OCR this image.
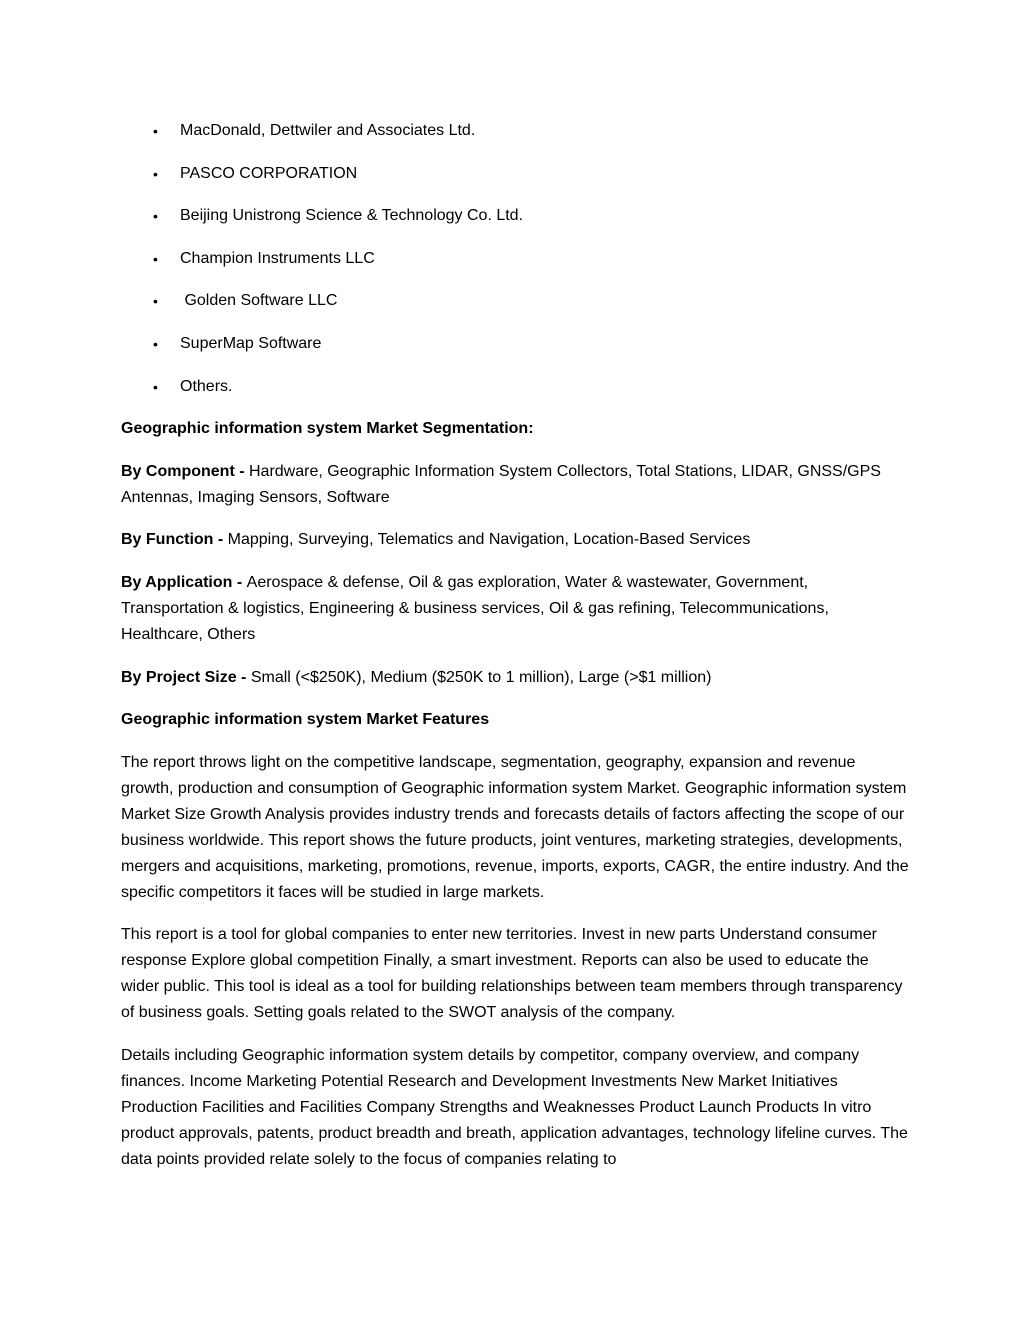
• MacDonald, Dettwiler and Associates Ltd.
• PASCO CORPORATION
• Beijing Unistrong Science & Technology Co. Ltd.
• Champion Instruments LLC
• Golden Software LLC
• SuperMap Software
• Others.

Geographic information system Market Segmentation:

By Component - Hardware, Geographic Information System Collectors, Total Stations, LIDAR, GNSS/GPS Antennas, Imaging Sensors, Software

By Function - Mapping, Surveying, Telematics and Navigation, Location-Based Services

By Application - Aerospace & defense, Oil & gas exploration, Water & wastewater, Government, Transportation & logistics, Engineering & business services, Oil & gas refining, Telecommunications, Healthcare, Others

By Project Size - Small (<$250K), Medium ($250K to 1 million), Large (>$1 million)

Geographic information system Market Features

The report throws light on the competitive landscape, segmentation, geography, expansion and revenue growth, production and consumption of Geographic information system Market. Geographic information system Market Size Growth Analysis provides industry trends and forecasts details of factors affecting the scope of our business worldwide. This report shows the future products, joint ventures, marketing strategies, developments, mergers and acquisitions, marketing, promotions, revenue, imports, exports, CAGR, the entire industry. And the specific competitors it faces will be studied in large markets.

This report is a tool for global companies to enter new territories. Invest in new parts Understand consumer response Explore global competition Finally, a smart investment. Reports can also be used to educate the wider public. This tool is ideal as a tool for building relationships between team members through transparency of business goals. Setting goals related to the SWOT analysis of the company.

Details including Geographic information system details by competitor, company overview, and company finances. Income Marketing Potential Research and Development Investments New Market Initiatives Production Facilities and Facilities Company Strengths and Weaknesses Product Launch Products In vitro product approvals, patents, product breadth and breath, application advantages, technology lifeline curves. The data points provided relate solely to the focus of companies relating to
